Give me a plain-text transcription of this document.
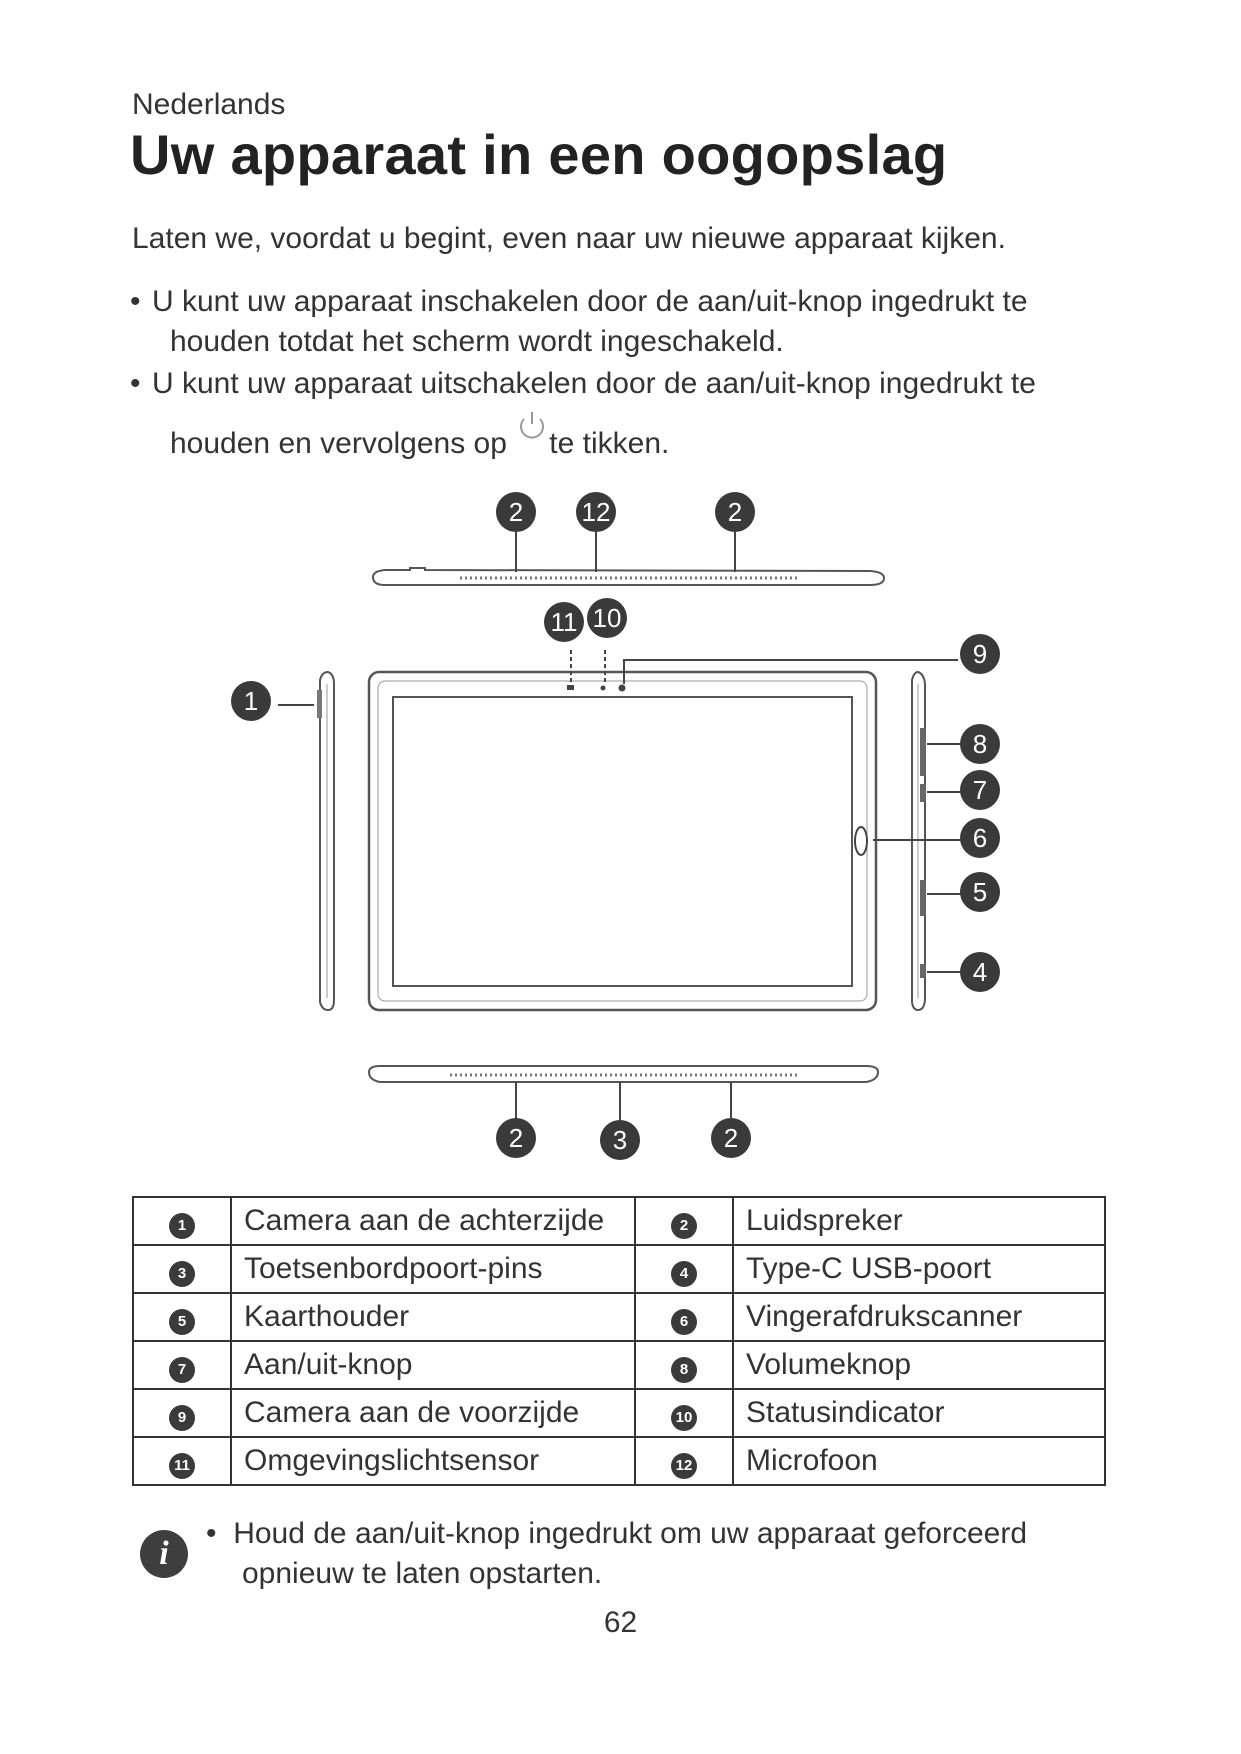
Nederlands
Uw apparaat in een oogopslag
Laten we, voordat u begint, even naar uw nieuwe apparaat kijken.
• U kunt uw apparaat inschakelen door de aan/uit-knop ingedrukt te
houden totdat het scherm wordt ingeschakeld.
• U kunt uw apparaat uitschakelen door de aan/uit-knop ingedrukt te
houden en vervolgens op te tikken.
2 12	2
11 10
9
1
8
7
6
5
4
2	3	2
1	Camera aan de achterzijde	2	Luidspreker
3	Toetsenbordpoort-pins	4	Type-C USB-poort
5	Kaarthouder	6	Vingerafdrukscanner
7	Aan/uit-knop	8	Volumeknop
9	Camera aan de voorzijde	10	Statusindicator
11	Omgevingslichtsensor	12	Microfoon
i
•  Houd de aan/uit-knop ingedrukt om uw apparaat geforceerd
opnieuw te laten opstarten.
62
